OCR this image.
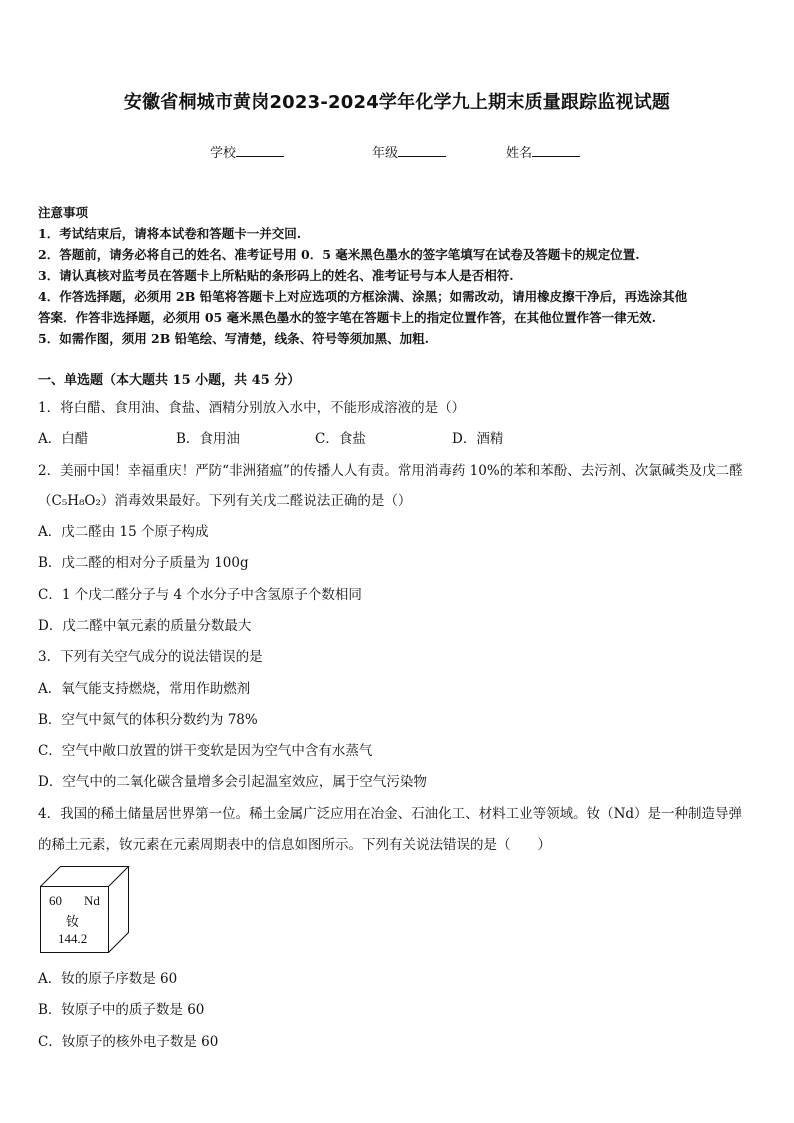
安徽省桐城市黄岗2023-2024学年化学九上期末质量跟踪监视试题
学校	年级	姓名
注意事项
1．考试结束后，请将本试卷和答题卡一并交回.
2．答题前，请务必将自己的姓名、准考证号用 0．5 毫米黑色墨水的签字笔填写在试卷及答题卡的规定位置.
3．请认真核对监考员在答题卡上所粘贴的条形码上的姓名、准考证号与本人是否相符.
4．作答选择题，必须用 2B 铅笔将答题卡上对应选项的方框涂满、涂黑；如需改动，请用橡皮擦干净后，再选涂其他
答案．作答非选择题，必须用 05 毫米黑色墨水的签字笔在答题卡上的指定位置作答，在其他位置作答一律无效.
5．如需作图，须用 2B 铅笔绘、写清楚，线条、符号等须加黑、加粗.
一、单选题（本大题共 15 小题，共 45 分）
1．将白醋、食用油、食盐、酒精分别放入水中，不能形成溶液的是（）
A．白醋	B．食用油	C．食盐	D．酒精
2．美丽中国！幸福重庆！严防“非洲猪瘟”的传播人人有责。常用消毒药 10%的苯和苯酚、去污剂、次氯碱类及戊二醛
（C₅H₈O₂）消毒效果最好。下列有关戊二醛说法正确的是（）
A．戊二醛由 15 个原子构成
B．戊二醛的相对分子质量为 100g
C．1 个戊二醛分子与 4 个水分子中含氢原子个数相同
D．戊二醛中氧元素的质量分数最大
3．下列有关空气成分的说法错误的是
A．氧气能支持燃烧，常用作助燃剂
B．空气中氮气的体积分数约为 78%
C．空气中敞口放置的饼干变软是因为空气中含有水蒸气
D．空气中的二氧化碳含量增多会引起温室效应，属于空气污染物
4．我国的稀土储量居世界第一位。稀土金属广泛应用在冶金、石油化工、材料工业等领域。钕（Nd）是一种制造导弹
的稀土元素，钕元素在元素周期表中的信息如图所示。下列有关说法错误的是（　　）
60 Nd
钕
144.2
A．钕的原子序数是 60
B．钕原子中的质子数是 60
C．钕原子的核外电子数是 60
